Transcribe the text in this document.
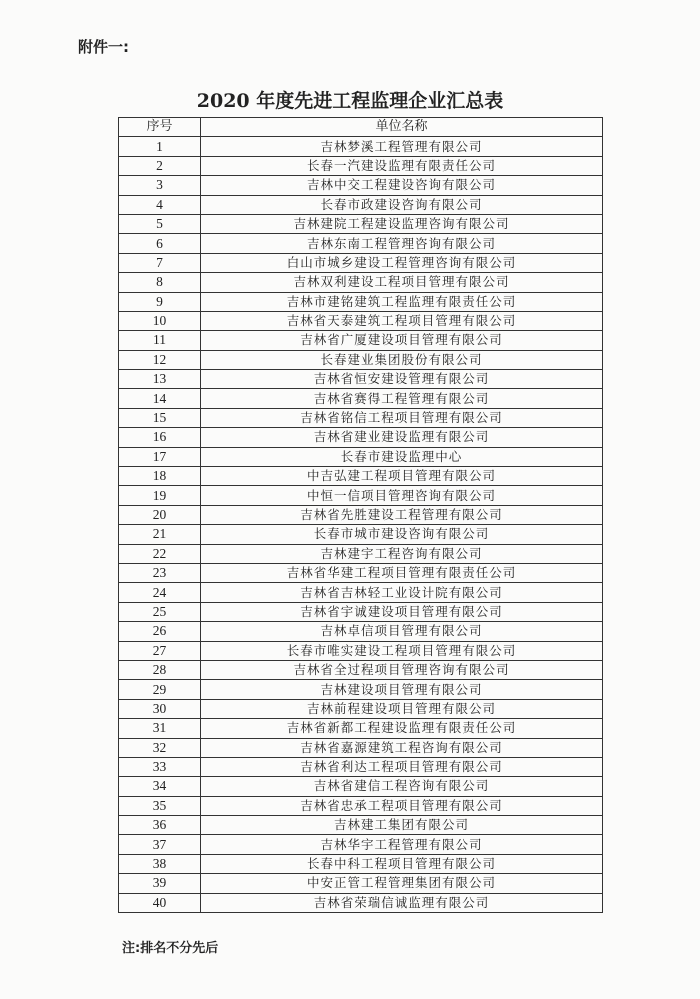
附件一:
2020 年度先进工程监理企业汇总表
序号	单位名称
1	吉林梦溪工程管理有限公司
2	长春一汽建设监理有限责任公司
3	吉林中交工程建设咨询有限公司
4	长春市政建设咨询有限公司
5	吉林建院工程建设监理咨询有限公司
6	吉林东南工程管理咨询有限公司
7	白山市城乡建设工程管理咨询有限公司
8	吉林双利建设工程项目管理有限公司
9	吉林市建铭建筑工程监理有限责任公司
10	吉林省天泰建筑工程项目管理有限公司
11	吉林省广厦建设项目管理有限公司
12	长春建业集团股份有限公司
13	吉林省恒安建设管理有限公司
14	吉林省赛得工程管理有限公司
15	吉林省铭信工程项目管理有限公司
16	吉林省建业建设监理有限公司
17	长春市建设监理中心
18	中吉弘建工程项目管理有限公司
19	中恒一信项目管理咨询有限公司
20	吉林省先胜建设工程管理有限公司
21	长春市城市建设咨询有限公司
22	吉林建宇工程咨询有限公司
23	吉林省华建工程项目管理有限责任公司
24	吉林省吉林轻工业设计院有限公司
25	吉林省宇诚建设项目管理有限公司
26	吉林卓信项目管理有限公司
27	长春市唯实建设工程项目管理有限公司
28	吉林省全过程项目管理咨询有限公司
29	吉林建设项目管理有限公司
30	吉林前程建设项目管理有限公司
31	吉林省新都工程建设监理有限责任公司
32	吉林省嘉源建筑工程咨询有限公司
33	吉林省利达工程项目管理有限公司
34	吉林省建信工程咨询有限公司
35	吉林省忠承工程项目管理有限公司
36	吉林建工集团有限公司
37	吉林华宇工程管理有限公司
38	长春中科工程项目管理有限公司
39	中安正管工程管理集团有限公司
40	吉林省荣瑞信诚监理有限公司
注:排名不分先后
